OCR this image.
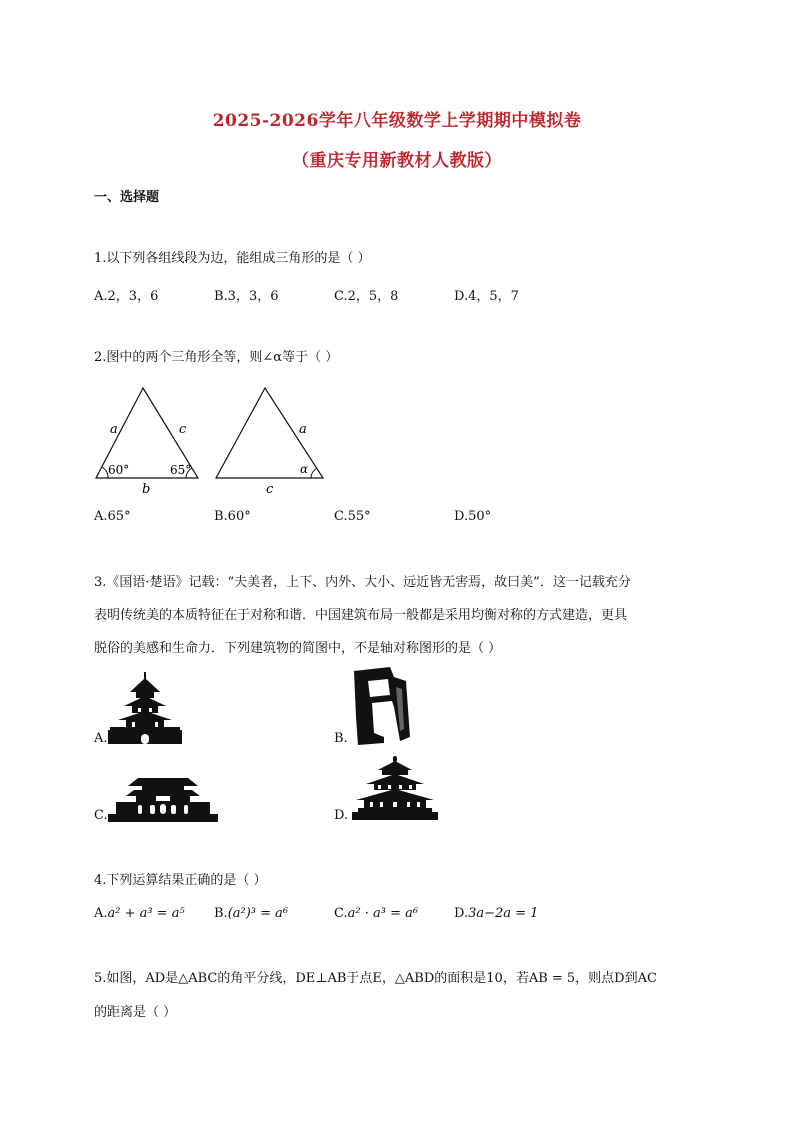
2025-2026学年八年级数学上学期期中模拟卷
（重庆专用新教材人教版）
一、选择题
1.以下列各组线段为边，能组成三角形的是（ ）
A.2，3，6	B.3，3，6	C.2，5，8	D.4，5，7
2.图中的两个三角形全等，则∠α等于（ ）
a	c
b
60°	65°
a
c
α
A.65°	B.60°	C.55°	D.50°
3.《国语·楚语》记载：“夫美者，上下、内外、大小、远近皆无害焉，故曰美”．这一记载充分
表明传统美的本质特征在于对称和谐．中国建筑布局一般都是采用均衡对称的方式建造，更具
脱俗的美感和生命力．下列建筑物的简图中，不是轴对称图形的是（ ）
A.	B.
C.	D.
4.下列运算结果正确的是（ ）
A.a² + a³ = a⁵ B.(a²)³ = a⁶	C.a² · a³ = a⁶	D.3a−2a = 1
5.如图，AD是△ABC的角平分线，DE⊥AB于点E，△ABD的面积是10，若AB = 5，则点D到AC
的距离是（ ）
